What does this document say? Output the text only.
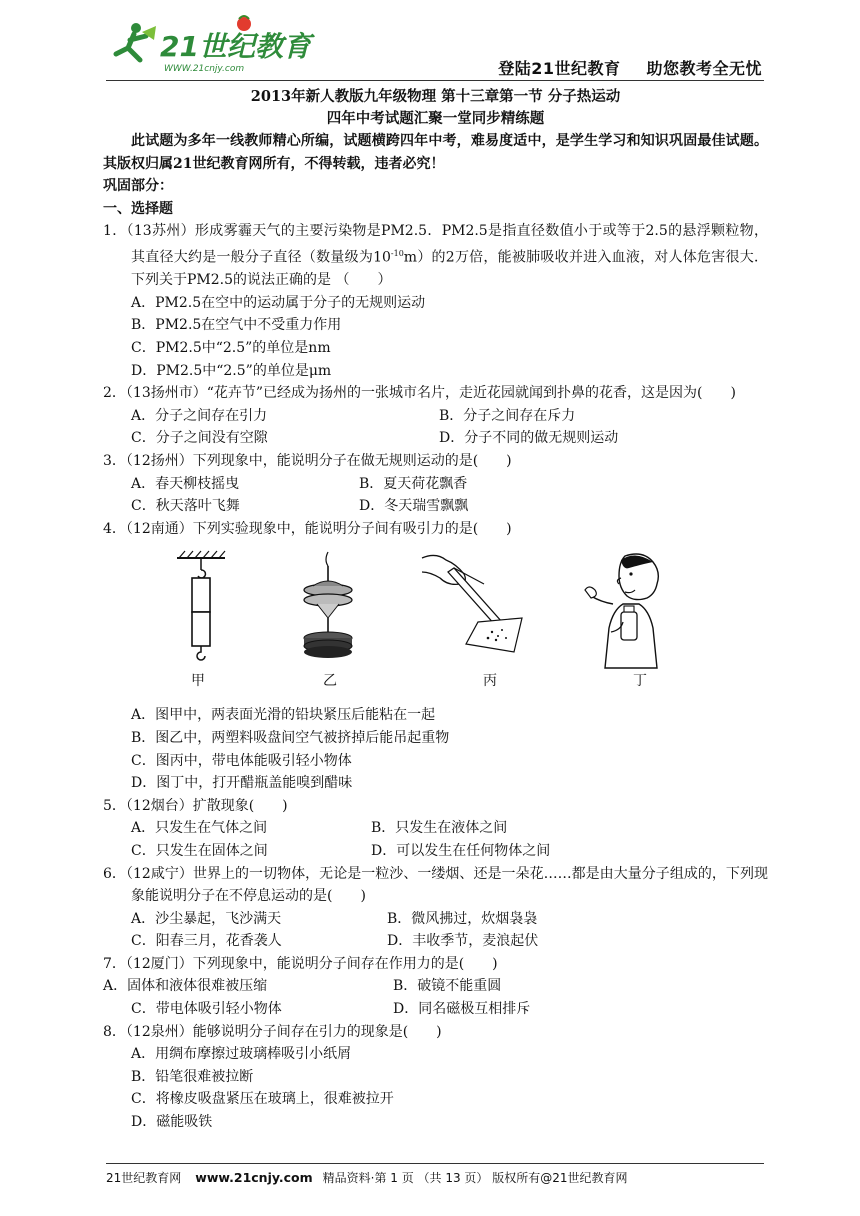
21世纪教育
WWW.21cnjy.com	登陆21世纪教育 助您教考全无忧
2013年新人教版九年级物理 第十三章第一节 分子热运动
四年中考试题汇聚一堂同步精练题
此试题为多年一线教师精心所编，试题横跨四年中考，难易度适中，是学生学习和知识巩固最佳试题。其版权归属21世纪教育网所有，不得转载，违者必究！
巩固部分：
一、选择题
1．（13苏州）形成雾霾天气的主要污染物是PM2.5．PM2.5是指直径数值小于或等于2.5的悬浮颗粒物，其直径大约是一般分子直径（数量级为$10^{-10}m$）的2万倍，能被肺吸收并进入血液，对人体危害很大．下列关于PM2.5的说法正确的是 （　　）
A．PM2.5在空中的运动属于分子的无规则运动
B．PM2.5在空气中不受重力作用
C．PM2.5中“2.5”的单位是nm
D．PM2.5中“2.5”的单位是μm
2．（13扬州市）“花卉节”已经成为扬州的一张城市名片，走近花园就闻到扑鼻的花香，这是因为(　　)
A．分子之间存在引力	B．分子之间存在斥力
C．分子之间没有空隙	D．分子不同的做无规则运动
3．（12扬州）下列现象中，能说明分子在做无规则运动的是(　　)
A．春天柳枝摇曳	B．夏天荷花飘香
C．秋天落叶飞舞	D．冬天瑞雪飘飘
4．（12南通）下列实验现象中，能说明分子间有吸引力的是(　　)
甲	乙	丙	丁
A．图甲中，两表面光滑的铅块紧压后能粘在一起
B．图乙中，两塑料吸盘间空气被挤掉后能吊起重物
C．图丙中，带电体能吸引轻小物体
D．图丁中，打开醋瓶盖能嗅到醋味
5．（12烟台）扩散现象(　　)
A．只发生在气体之间	B．只发生在液体之间
C．只发生在固体之间	D．可以发生在任何物体之间
6．（12咸宁）世界上的一切物体，无论是一粒沙、一缕烟、还是一朵花……都是由大量分子组成的，下列现象能说明分子在不停息运动的是(　　)
A．沙尘暴起，飞沙满天	B．微风拂过，炊烟袅袅
C．阳春三月，花香袭人	D．丰收季节，麦浪起伏
7．（12厦门）下列现象中，能说明分子间存在作用力的是(　　)
A．固体和液体很难被压缩	B．破镜不能重圆
C．带电体吸引轻小物体	D．同名磁极互相排斥
8．（12泉州）能够说明分子间存在引力的现象是(　　)
A．用绸布摩擦过玻璃棒吸引小纸屑
B．铅笔很难被拉断
C．将橡皮吸盘紧压在玻璃上，很难被拉开
D．磁能吸铁
21世纪教育网 www.21cnjy.com 精品资料·第 1 页 （共 13 页） 版权所有@21世纪教育网
